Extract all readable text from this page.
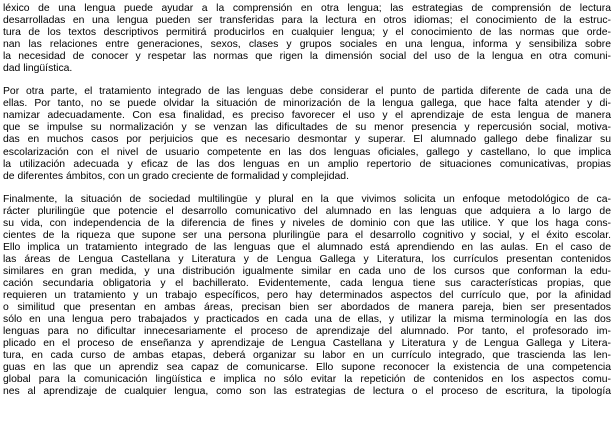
léxico de una lengua puede ayudar a la comprensión en otra lengua; las estrategias de comprensión de lectura
desarrolladas en una lengua pueden ser transferidas para la lectura en otros idiomas; el conocimiento de la estruc-
tura de los textos descriptivos permitirá producirlos en cualquier lengua; y el conocimiento de las normas que orde-
nan las relaciones entre generaciones, sexos, clases y grupos sociales en una lengua, informa y sensibiliza sobre
la necesidad de conocer y respetar las normas que rigen la dimensión social del uso de la lengua en otra comuni-
dad lingüística.
Por otra parte, el tratamiento integrado de las lenguas debe considerar el punto de partida diferente de cada una de
ellas. Por tanto, no se puede olvidar la situación de minorización de la lengua gallega, que hace falta atender y di-
namizar adecuadamente. Con esa finalidad, es preciso favorecer el uso y el aprendizaje de esta lengua de manera
que se impulse su normalización y se venzan las dificultades de su menor presencia y repercusión social, motiva-
das en muchos casos por perjuicios que es necesario desmontar y superar. El alumnado gallego debe finalizar su
escolarización con el nivel de usuario competente en las dos lenguas oficiales, gallego y castellano, lo que implica
la utilización adecuada y eficaz de las dos lenguas en un amplio repertorio de situaciones comunicativas, propias
de diferentes ámbitos, con un grado creciente de formalidad y complejidad.
Finalmente, la situación de sociedad multilingüe y plural en la que vivimos solicita un enfoque metodológico de ca-
rácter plurilingüe que potencie el desarrollo comunicativo del alumnado en las lenguas que adquiera a lo largo de
su vida, con independencia de la diferencia de fines y niveles de dominio con que las utilice. Y que los haga cons-
cientes de la riqueza que supone ser una persona plurilingüe para el desarrollo cognitivo y social, y el éxito escolar.
Ello implica un tratamiento integrado de las lenguas que el alumnado está aprendiendo en las aulas. En el caso de
las áreas de Lengua Castellana y Literatura y de Lengua Gallega y Literatura, los currículos presentan contenidos
similares en gran medida, y una distribución igualmente similar en cada uno de los cursos que conforman la edu-
cación secundaria obligatoria y el bachillerato. Evidentemente, cada lengua tiene sus características propias, que
requieren un tratamiento y un trabajo específicos, pero hay determinados aspectos del currículo que, por la afinidad
o similitud que presentan en ambas áreas, precisan bien ser abordados de manera pareja, bien ser presentados
sólo en una lengua pero trabajados y practicados en cada una de ellas, y utilizar la misma terminología en las dos
lenguas para no dificultar innecesariamente el proceso de aprendizaje del alumnado. Por tanto, el profesorado im-
plicado en el proceso de enseñanza y aprendizaje de Lengua Castellana y Literatura y de Lengua Gallega y Litera-
tura, en cada curso de ambas etapas, deberá organizar su labor en un currículo integrado, que trascienda las len-
guas en las que un aprendiz sea capaz de comunicarse. Ello supone reconocer la existencia de una competencia
global para la comunicación lingüística e implica no sólo evitar la repetición de contenidos en los aspectos comu-
nes al aprendizaje de cualquier lengua, como son las estrategias de lectura o el proceso de escritura, la tipología
